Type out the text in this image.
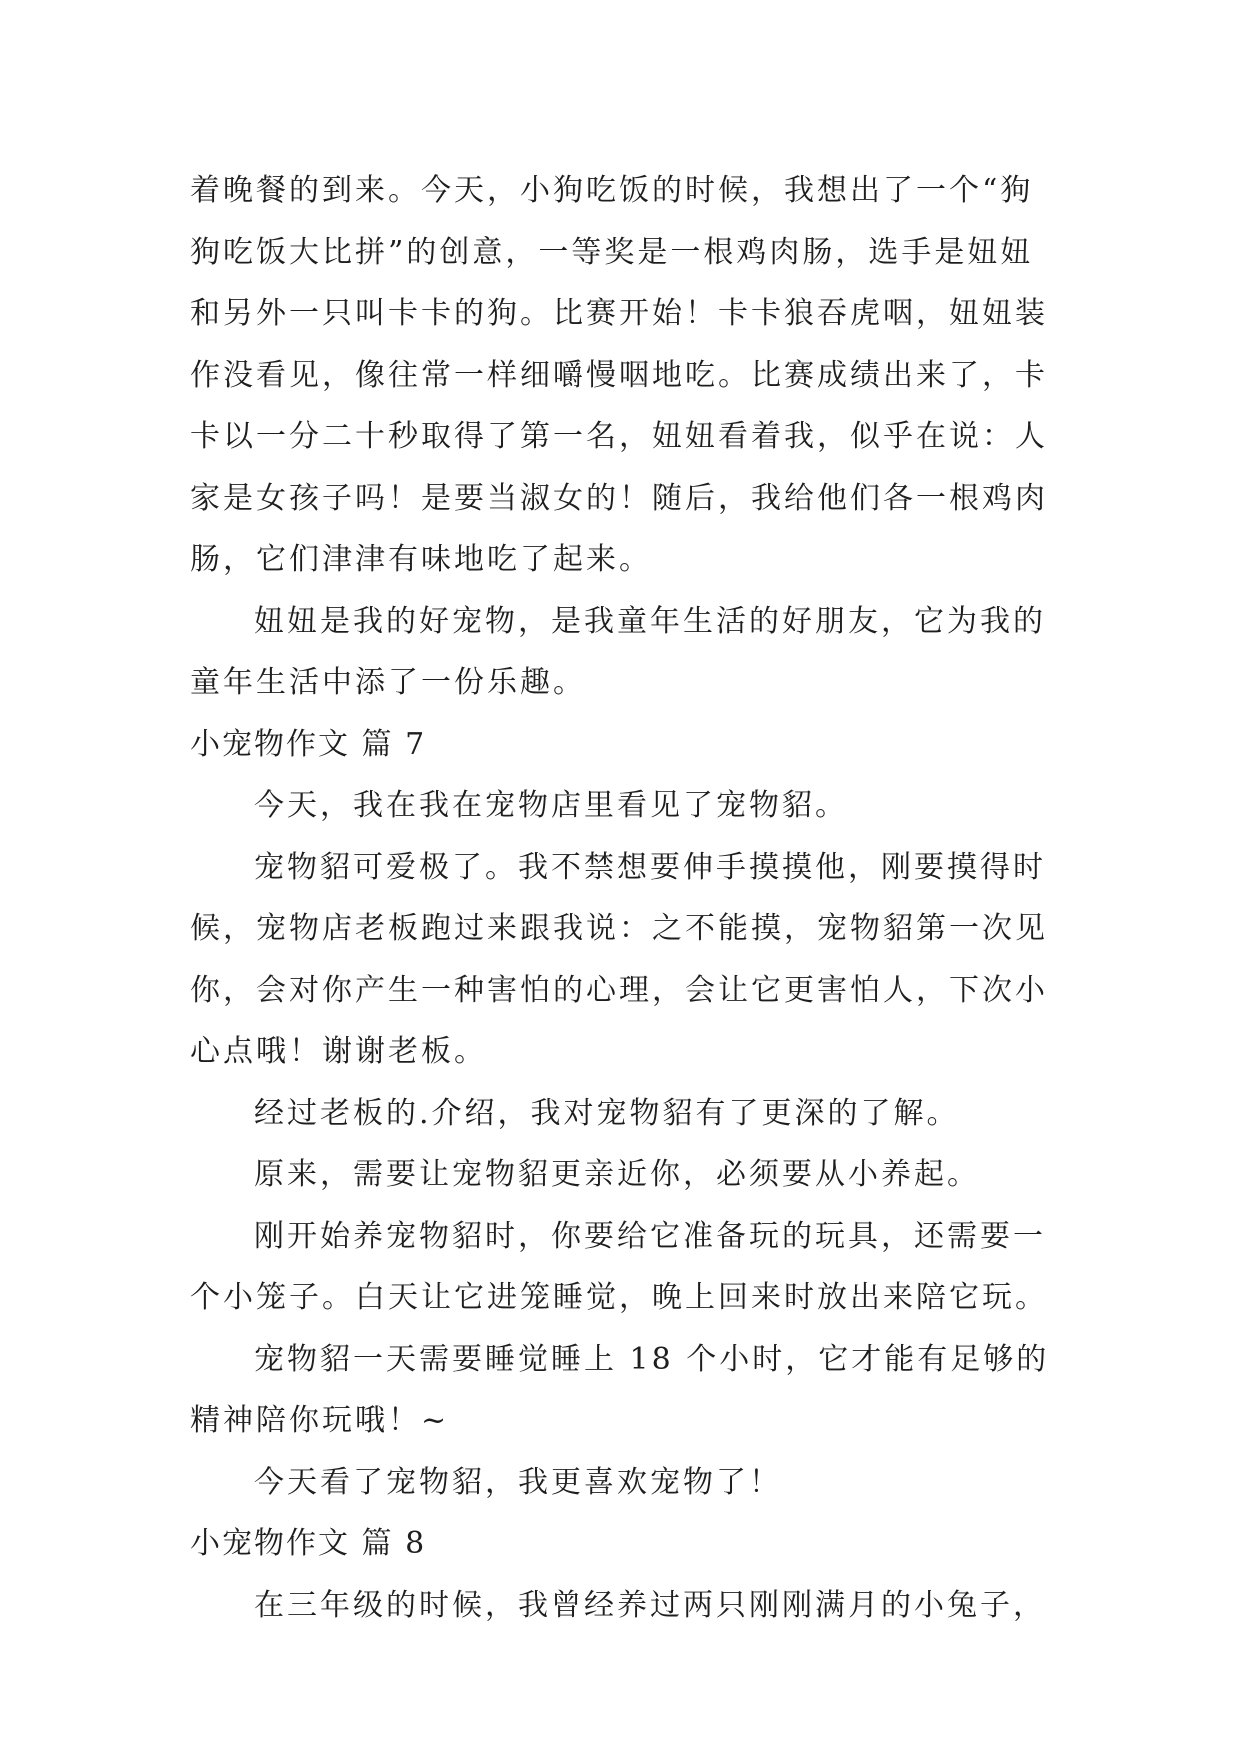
着晚餐的到来。今天，小狗吃饭的时候，我想出了一个“狗
狗吃饭大比拼”的创意，一等奖是一根鸡肉肠，选手是妞妞
和另外一只叫卡卡的狗。比赛开始！卡卡狼吞虎咽，妞妞装
作没看见，像往常一样细嚼慢咽地吃。比赛成绩出来了，卡
卡以一分二十秒取得了第一名，妞妞看着我，似乎在说：人
家是女孩子吗！是要当淑女的！随后，我给他们各一根鸡肉
肠，它们津津有味地吃了起来。
妞妞是我的好宠物，是我童年生活的好朋友，它为我的
童年生活中添了一份乐趣。
小宠物作文 篇 7
今天，我在我在宠物店里看见了宠物貂。
宠物貂可爱极了。我不禁想要伸手摸摸他，刚要摸得时
候，宠物店老板跑过来跟我说：之不能摸，宠物貂第一次见
你，会对你产生一种害怕的心理，会让它更害怕人，下次小
心点哦！谢谢老板。
经过老板的.介绍，我对宠物貂有了更深的了解。
原来，需要让宠物貂更亲近你，必须要从小养起。
刚开始养宠物貂时，你要给它准备玩的玩具，还需要一
个小笼子。白天让它进笼睡觉，晚上回来时放出来陪它玩。
宠物貂一天需要睡觉睡上 18 个小时，它才能有足够的
精神陪你玩哦！~
今天看了宠物貂，我更喜欢宠物了！
小宠物作文 篇 8
在三年级的时候，我曾经养过两只刚刚满月的小兔子，
